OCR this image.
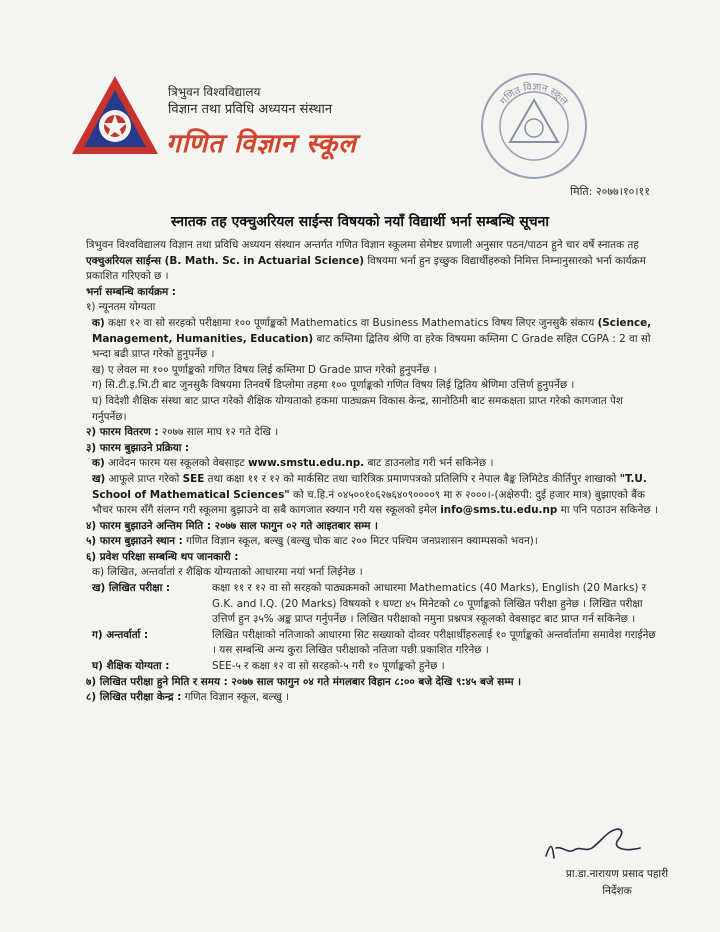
त्रिभुवन विश्वविद्यालय
विज्ञान तथा प्रविधि अध्ययन संस्थान
गणित विज्ञान स्कूल
गणित विज्ञान स्कूल
मिति: २०७७।१०।११
स्नातक तह एक्चुअरियल साईन्स विषयको नयाँ विद्यार्थी भर्ना सम्बन्धि सूचना

त्रिभुवन विश्वविद्यालय विज्ञान तथा प्रविधि अध्ययन संस्थान अन्तर्गत गणित विज्ञान स्कूलमा सेमेष्टर प्रणाली अनुसार पठन/पाठन हुने चार वर्षे स्नातक तह एक्चुअरियल साईन्स (B. Math. Sc. in Actuarial Science) विषयमा भर्ना हुन इच्छुक विद्यार्थीहरुको निमित्त निम्नानुसारको भर्ना कार्यक्रम प्रकाशित गरिएको छ ।

भर्ना सम्बन्धि कार्यक्रम :

१) न्यूनतम योग्यता

क) कक्षा १२ वा सो सरहको परीक्षामा १०० पूर्णाङ्कको Mathematics वा Business Mathematics विषय लिएर जुनसुकै संकाय (Science, Management, Humanities, Education) बाट कम्तिमा द्वितिय श्रेणि वा हरेक विषयमा कम्तिमा C Grade सहित CGPA : 2 वा सो भन्दा बढी प्राप्त गरेको हुनुपर्नेछ ।

ख) ए लेवल मा १०० पूर्णाङ्कको गणित विषय लिई कम्तिमा D Grade प्राप्त गरेको हुनुपर्नेछ ।

ग) सि.टी.इ.भि.टी बाट जुनसुकै विषयमा तिनवर्षे डिप्लोमा तहमा १०० पूर्णाङ्कको गणित विषय लिई द्वितिय श्रेणिमा उत्तिर्ण हुनुपर्नेछ ।

घ) विदेशी शैक्षिक संस्था बाट प्राप्त गरेको शैक्षिक योग्यताको हकमा पाठ्यक्रम विकास केन्द्र, सानोठिमी बाट समकक्षता प्राप्त गरेको कागजात पेश गर्नुपर्नेछ।

२) फारम वितरण : २०७७ साल माघ १२ गते देखि ।

३) फारम बुझाउने प्रक्रिया :

क) आवेदन फारम यस स्कूलको वेबसाइट www.smstu.edu.np. बाट डाउनलोड गरी भर्न सकिनेछ ।

ख) आफूले प्राप्त गरेको SEE तथा कक्षा ११ र १२ को मार्कसिट तथा चारित्रिक प्रमाणपत्रको प्रतिलिपि र नेपाल बैङ्क लिमिटेड कीर्तिपुर शाखाको "T.U. School of Mathematical Sciences" को च.हि.नं ०४५००१०६२७६४०९००००९ मा रु २०००।-(अक्षेरुपी: दुई हजार मात्र) बुझाएको बैंक भौचर फारम सँगै संलग्न गरी स्कूलमा बुझाउने वा सबै कागजात स्क्यान गरी यस स्कूलको इमेल info@sms.tu.edu.np मा पनि पठाउन सकिनेछ ।

४) फारम बुझाउने अन्तिम मिति : २०७७ साल फागुन ०२ गते आइतबार सम्म ।

५) फारम बुझाउने स्थान : गणित विज्ञान स्कूल, बल्खु (बल्खु चोक बाट २०० मिटर पश्चिम जनप्रशासन क्याम्पसको भवन)।

६) प्रवेश परिक्षा सम्बन्धि थप जानकारी :

क) लिखित, अन्तर्वातां र शैक्षिक योग्यताको आधारमा नयां भर्ना लिईनेछ ।

ख) लिखित परीक्षा :	कक्षा ११ र १२ वा सो सरहको पाठ्यक्रमको आधारमा Mathematics (40 Marks), English (20 Marks) र G.K. and I.Q. (20 Marks) विषयको १ घण्टा ४५ मिनेटको ८० पूर्णाङ्कको लिखित परीक्षा हुनेछ । लिखित परीक्षा उत्तिर्ण हुन ३५% अङ्क प्राप्त गर्नुपर्नेछ । लिखित परीक्षाको नमुना प्रश्नपत्र स्कूलको वेबसाइट बाट प्राप्त गर्न सकिनेछ ।
ग) अन्तर्वार्ता :	लिखित परीक्षाको नतिजाको आधारमा सिट सख्याको दोव्वर परीक्षार्थीहरुलाई १० पूर्णाङ्कको अन्तर्वार्तामा समावेश गराईनेछ । यस सम्बन्धि अन्य कुरा लिखित परीक्षाको नतिजा पछी प्रकाशित गरिनेछ ।
घ) शैक्षिक योग्यता :	SEE-५ र कक्षा १२ वा सो सरहको-५ गरी १० पूर्णाङ्कको हुनेछ ।

७) लिखित परीक्षा हुने मिति र समय : २०७७ साल फागुन ०४ गते मंगलबार विहान ८:०० बजे देखि ९:४५ बजे सम्म ।

८) लिखित परीक्षा केन्द्र : गणित विज्ञान स्कूल, बल्खु ।

प्रा.डा.नारायण प्रसाद पहारी
निर्देशक
